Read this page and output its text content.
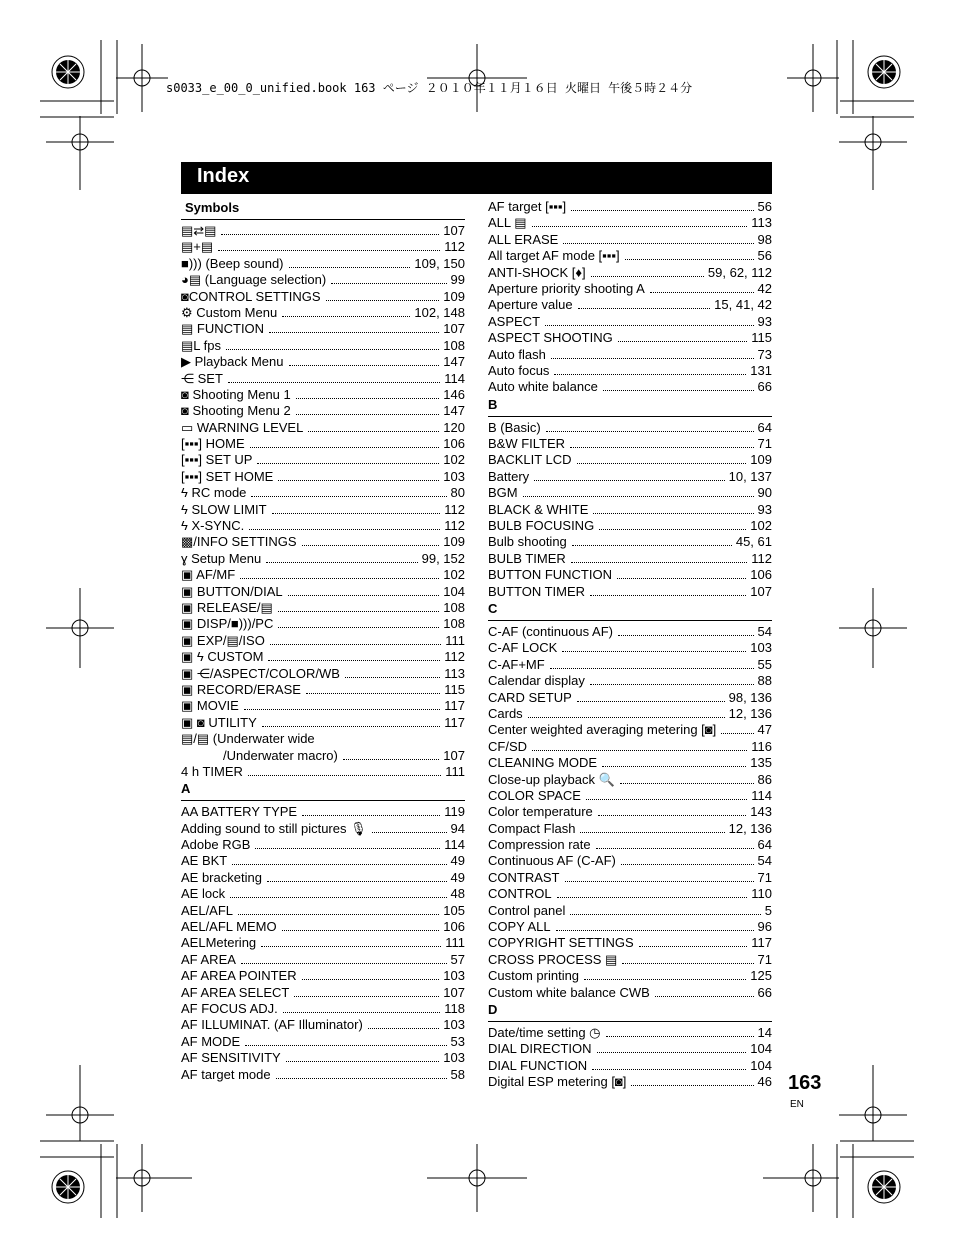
s0033_e_00_0_unified.book 163 ページ ２０１０年１１月１６日 火曜日 午後５時２４分
Index
Symbols
▤⇄▤	107
▤+▤	112
■))) (Beep sound)	109, 150
◕▤ (Language selection)	99
◙CONTROL SETTINGS	109
⚙ Custom Menu	102, 148
▤ FUNCTION	107
▤L fps	108
▶ Playback Menu	147
⋲ SET	114
◙ Shooting Menu 1	146
◙ Shooting Menu 2	147
▭ WARNING LEVEL	120
[▪▪▪] HOME	106
[▪▪▪] SET UP	102
[▪▪▪] SET HOME	103
ϟ RC mode	80
ϟ SLOW LIMIT	112
ϟ X-SYNC.	112
▩/INFO SETTINGS	109
ɣ Setup Menu	99, 152
▣ AF/MF	102
▣ BUTTON/DIAL	104
▣ RELEASE/▤	108
▣ DISP/■)))/PC	108
▣ EXP/▤/ISO	111
▣ ϟ CUSTOM	112
▣ ⋲/ASPECT/COLOR/WB	113
▣ RECORD/ERASE	115
▣ MOVIE	117
▣ ◙ UTILITY	117
▤/▤ (Underwater wide
/Underwater macro)	107
4 h TIMER	111
A
AA BATTERY TYPE	119
Adding sound to still pictures 🎙	94
Adobe RGB	114
AE BKT	49
AE bracketing	49
AE lock	48
AEL/AFL	105
AEL/AFL MEMO	106
AELMetering	111
AF AREA	57
AF AREA POINTER	103
AF AREA SELECT	107
AF FOCUS ADJ.	118
AF ILLUMINAT. (AF Illuminator)	103
AF MODE	53
AF SENSITIVITY	103
AF target mode	58
AF target [▪▪▪]	56
ALL ▤	113
ALL ERASE	98
All target AF mode [▪▪▪]	56
ANTI-SHOCK [♦]	59, 62, 112
Aperture priority shooting A	42
Aperture value	15, 41, 42
ASPECT	93
ASPECT SHOOTING	115
Auto flash	73
Auto focus	131
Auto white balance	66
B
B (Basic)	64
B&W FILTER	71
BACKLIT LCD	109
Battery	10, 137
BGM	90
BLACK & WHITE	93
BULB FOCUSING	102
Bulb shooting	45, 61
BULB TIMER	112
BUTTON FUNCTION	106
BUTTON TIMER	107
C
C-AF (continuous AF)	54
C-AF LOCK	103
C-AF+MF	55
Calendar display	88
CARD SETUP	98, 136
Cards	12, 136
Center weighted averaging metering [◙]	47
CF/SD	116
CLEANING MODE	135
Close-up playback 🔍	86
COLOR SPACE	114
Color temperature	143
Compact Flash	12, 136
Compression rate	64
Continuous AF (C-AF)	54
CONTRAST	71
CONTROL	110
Control panel	5
COPY ALL	96
COPYRIGHT SETTINGS	117
CROSS PROCESS ▤	71
Custom printing	125
Custom white balance CWB	66
D
Date/time setting ◷	14
DIAL DIRECTION	104
DIAL FUNCTION	104
Digital ESP metering [◙]	46 163
EN
